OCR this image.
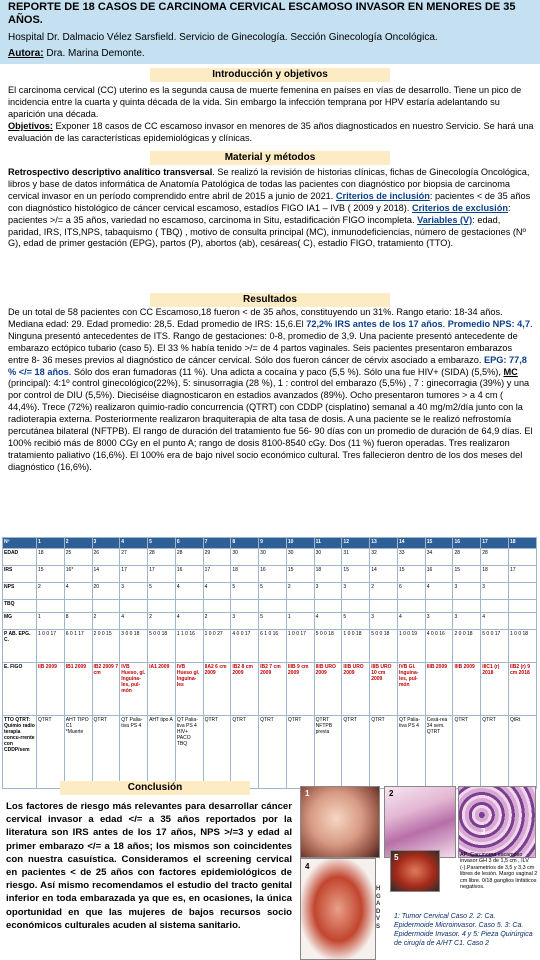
REPORTE DE 18 CASOS DE CARCINOMA CERVICAL ESCAMOSO INVASOR EN MENORES DE 35 AÑOS.
Hospital Dr. Dalmacio Vélez Sarsfield. Servicio de Ginecología. Sección Ginecología Oncológica.
Autora: Dra. Marina Demonte.
Introducción y objetivos

El carcinoma cervical (CC) uterino es la segunda causa de muerte femenina en países en vías de desarrollo. Tiene un pico de incidencia entre la cuarta y quinta década de la vida. Sin embargo la infección temprana por HPV estaría adelantando su aparición una década.

Objetivos: Exponer 18 casos de CC escamoso invasor en menores de 35 años diagnosticados en nuestro Servicio. Se hará una evaluación de las características epidemiológicas y clínicas.

Material y métodos

Retrospectivo descriptivo analítico transversal. Se realizó la revisión de historias clínicas, fichas de Ginecología Oncológica, libros y base de datos informática de Anatomía Patológica de todas las pacientes con diagnóstico por biopsia de carcinoma cervical invasor en un período comprendido entre abril de 2015 a junio de 2021. Criterios de inclusión: pacientes < de 35 años con diagnóstico histológico de cáncer cervical escamoso, estadíos FIGO IA1 – IVB ( 2009 y 2018). Criterios de exclusión: pacientes >/= a 35 años, variedad no escamoso, carcinoma in Situ, estadificación FIGO incompleta. Variables (V): edad, paridad, IRS, ITS,NPS, tabaquismo ( TBQ) , motivo de consulta principal (MC), inmunodeficiencias, número de gestaciones (Nº G), edad de primer gestación (EPG), partos (P), abortos (ab), cesáreas( C), estadio FIGO, tratamiento (TTO).

Resultados

De un total de 58 pacientes con CC Escamoso,18 fueron < de 35 años, constituyendo un 31%. Rango etario: 18-34 años. Mediana edad: 29. Edad promedio: 28,5. Edad promedio de IRS: 15,6.El 72,2% IRS antes de los 17 años. Promedio NPS: 4,7. Ninguna presentó antecedentes de ITS. Rango de gestaciones: 0-8, promedio de 3,9. Una paciente presentó antecedente de embarazo ectópico tubario (caso 5). El 33 % había tenido >/= de 4 partos vaginales. Seis pacientes presentaron embarazos entre 8- 36 meses previos al diagnóstico de cáncer cervical. Sólo dos fueron cáncer de cérvix asociado a embarazo. EPG: 77,8 % </= 18 años. Sólo dos eran fumadoras (11 %). Una adicta a cocaína y paco (5,5 %). Sólo una fue HIV+ (SIDA) (5,5%), MC (principal): 4:1º control ginecológico(22%), 5: sinusorragia (28 %), 1 : control del embarazo (5,5%) , 7 : ginecorragia (39%) y una por control de DIU (5,5%). Dieciséise diagnosticaron en estadios avanzados (89%). Ocho presentaron tumores > a 4 cm ( 44,4%). Trece (72%) realizaron quimio-radio concurrencia (QTRT) con CDDP (cisplatino) semanal a 40 mg/m2/día junto con la radioterapia externa. Posteriormente realizaron braquiterapia de alta tasa de dosis. A una paciente se le realizó nefrostomía percutánea bilateral (NFTPB). El rango de duración del tratamiento fue 56- 90 días con un promedio de duración de 64,9 días. El 100% recibió más de 8000 CGy en el punto A; rango de dosis 8100-8540 cGy. Dos (11 %) fueron operadas. Tres realizaron tratamiento paliativo (16,6%). El 100% era de bajo nivel socio económico cultural. Tres fallecieron dentro de los dos meses del diagnóstico (16,6%).

Nº	1	2	3	4	5	6	7	8	9	10	11	12	13	14	15	16	17	18
EDAD	18	25	26	27	28	28	29	30	30	30	30	31	32	33	34	28	28	
IRS	15	16*	14	17	17	16	17	18	16	15	18	15	14	15	16	15	18	17
NPS	2	4	20	3	5	4	4	5	5	2	3	3	2	6	4	3	3	
TBQ																		
MG	1	8	2	4	2	4	2	3	5	1	4	5	3	4	3	3	4	
P AB. EPG. C.	1 0 0 17	6 0 1 17	2 0 0 15	3 0 0 18	5 0 0 18	1 1 0 16	1 0 0 27	4 0 0 17	6 1 0 16	1 0 0 17	5 0 0 18	1 0 0 18	5 0 0 18	1 0 0 19	4 0 0 16	2 0 0 18	5 0 0 17	1 0 0 18
E. FIGO	IIB 2009	IB1 2009	IB2 2009 7 cm	IVB Hueso, gl. Inguina-les, pul-món	IA1 2009	IVB Hueso gl. Inguina-les	IIA2 6 cm 2009	IB2 8 cm 2009	IB2 7 cm 2009	IIIB 9 cm 2009	IIIB URO 2009	IIIB URO 2009	IIIB URO 10 cm 2009	IVB Gl. Inguina-les, pul-món	IIIB 2009	IIIB 2009	IIIC1 (r) 2018	IIB2 (r) 9 cm 2018
TTO QTRT: Quimio radio terapia concu-rrente con CDDP/sem	QTRT	AHT TIPO C1 *Muerte	QTRT	QT Palia-tiva PS 4	AHT tipo A	QT Palia-tiva PS 4 HIV+ PACO TBQ	QTRT	QTRT	QTRT	QTRT	QTRT NFTPB previa	QTRT	QTRT	QT Palia-tiva PS 4	Cesá-rea 34 sem. QTRT	QTRT	QTRT	QtRt
Conclusión
Los factores de riesgo más relevantes para desarrollar cáncer cervical invasor a edad </= a 35 años reportados por la literatura son IRS antes de los 17 años, NPS >/=3 y edad al primer embarazo </= a 18 años; los mismos son coincidentes con nuestra casuística. Consideramos el screening cervical en pacientes < de 25 años con factores epidemiológicos de riesgo. Así mismo recomendamos el estudio del tracto genital inferior en toda embarazada ya que es, en ocasiones, la única oportunidad en que las mujeres de bajos recursos socio económicos culturales acuden al sistema sanitario.
1	2
3
4
5
H G A D V S
AP: Carcinoma escamoso invasor GH 3 de 1,5 cm , ILV (-).Parametrios de 3,5 y 3,3 cm libres de lesión. Margo vaginal 2 cm libre. 0/18 ganglios linfáticos negativos.
1: Tumor Cervical Caso 2. 2: Ca. Epidermoide Microinvasor. Caso 5. 3: Ca. Epidermoide Invasor. 4 y 5: Pieza Quirúrgica de cirugía de A/HT C1. Caso 2
